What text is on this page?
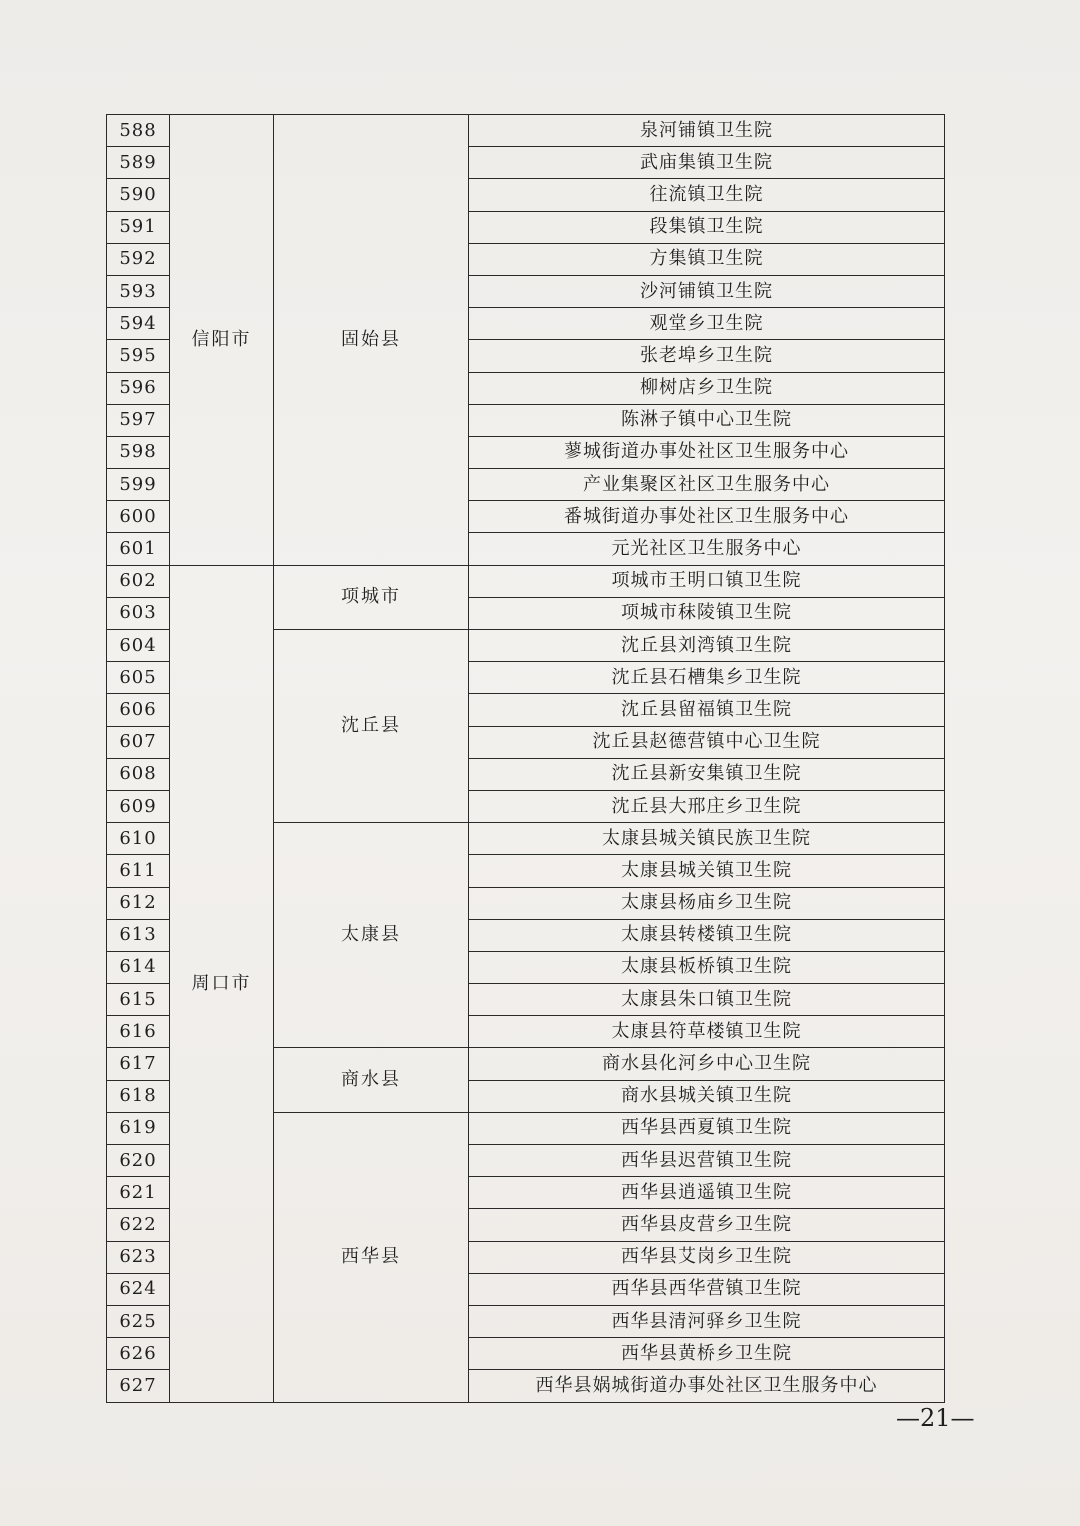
588	信阳市	固始县	泉河铺镇卫生院
589			武庙集镇卫生院
590			往流镇卫生院
591			段集镇卫生院
592			方集镇卫生院
593			沙河铺镇卫生院
594			观堂乡卫生院
595			张老埠乡卫生院
596			柳树店乡卫生院
597			陈淋子镇中心卫生院
598			蓼城街道办事处社区卫生服务中心
599			产业集聚区社区卫生服务中心
600			番城街道办事处社区卫生服务中心
601			元光社区卫生服务中心
602	周口市	项城市	项城市王明口镇卫生院
603			项城市秣陵镇卫生院
604		沈丘县	沈丘县刘湾镇卫生院
605			沈丘县石槽集乡卫生院
606			沈丘县留福镇卫生院
607			沈丘县赵德营镇中心卫生院
608			沈丘县新安集镇卫生院
609			沈丘县大邢庄乡卫生院
610		太康县	太康县城关镇民族卫生院
611			太康县城关镇卫生院
612			太康县杨庙乡卫生院
613			太康县转楼镇卫生院
614			太康县板桥镇卫生院
615			太康县朱口镇卫生院
616			太康县符草楼镇卫生院
617		商水县	商水县化河乡中心卫生院
618			商水县城关镇卫生院
619		西华县	西华县西夏镇卫生院
620			西华县迟营镇卫生院
621			西华县逍遥镇卫生院
622			西华县皮营乡卫生院
623			西华县艾岗乡卫生院
624			西华县西华营镇卫生院
625			西华县清河驿乡卫生院
626			西华县黄桥乡卫生院
627			西华县娲城街道办事处社区卫生服务中心
—21—
